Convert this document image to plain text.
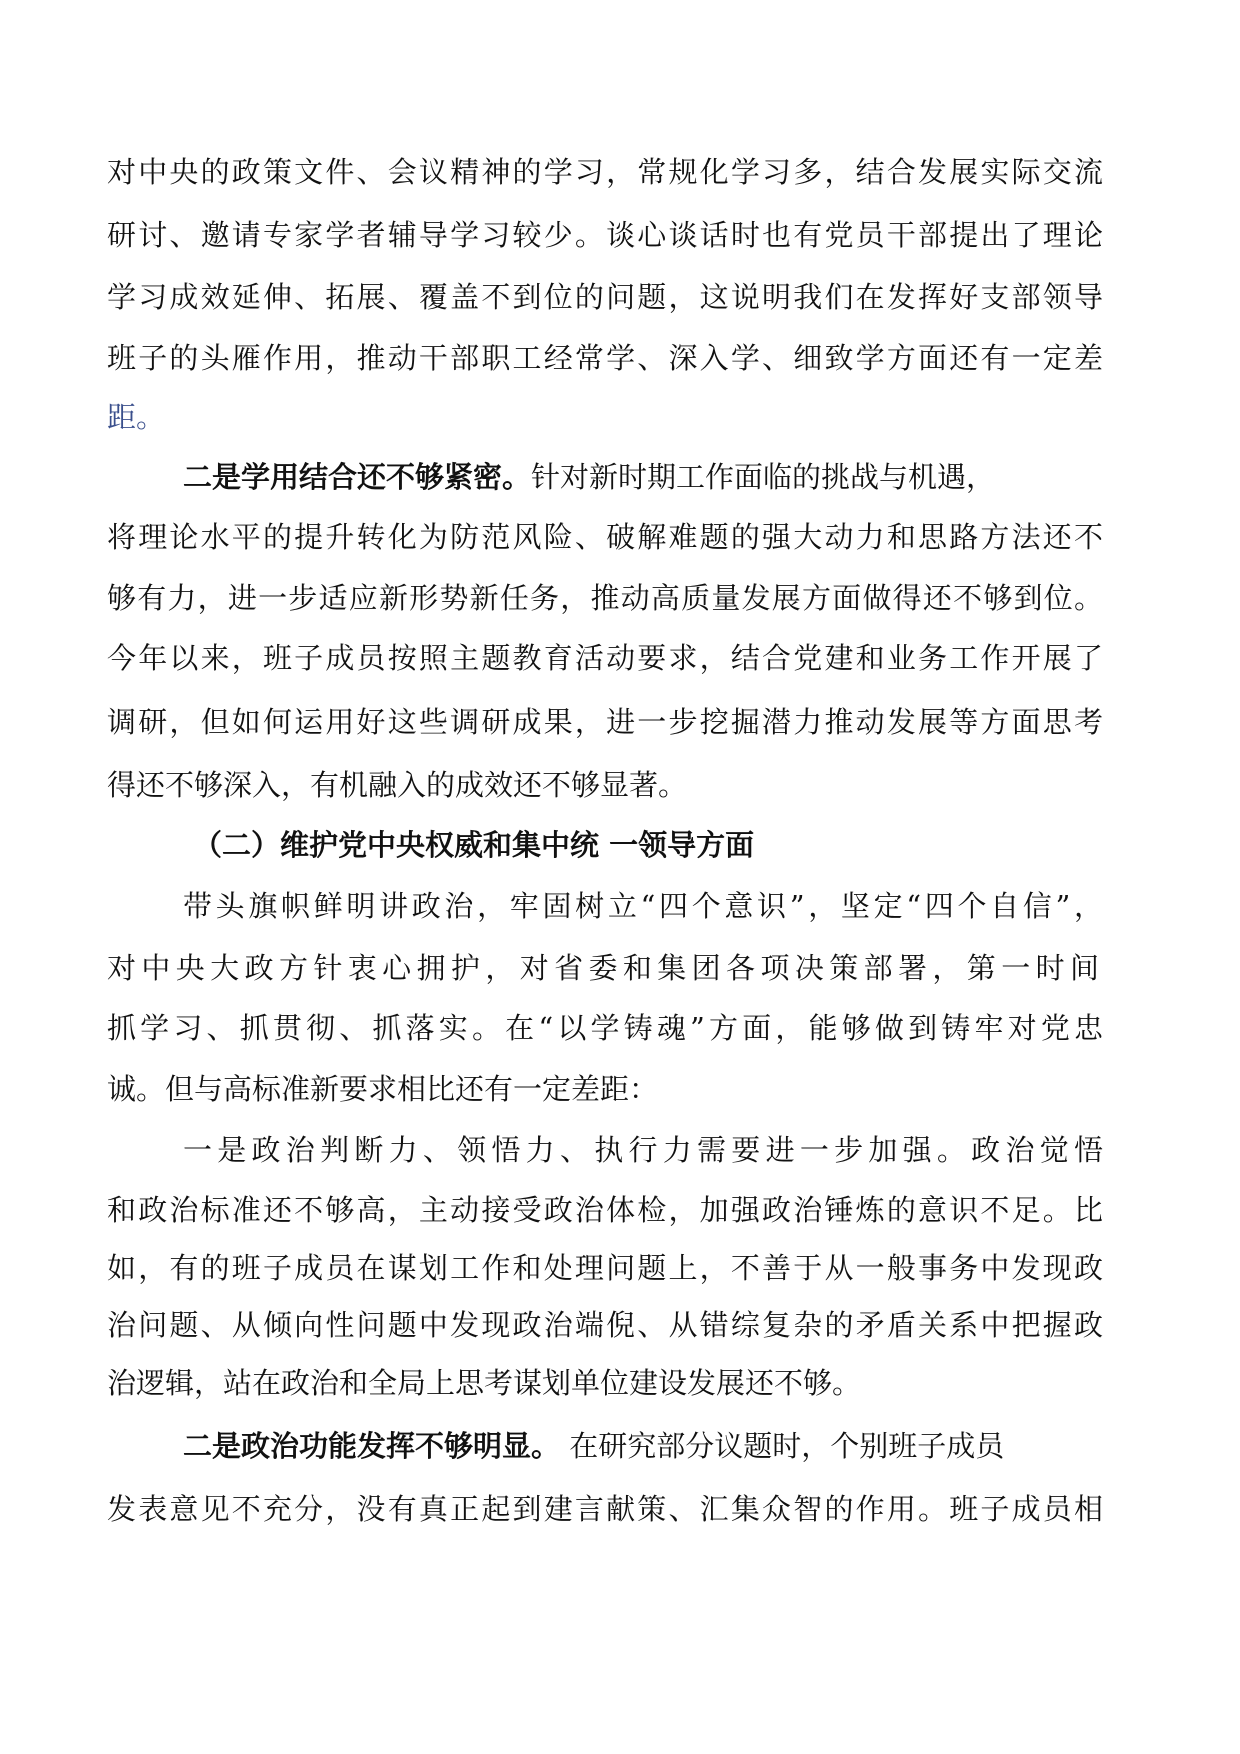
对中央的政策文件、会议精神的学习，常规化学习多，结合发展实际交流
研讨、邀请专家学者辅导学习较少。谈心谈话时也有党员干部提出了理论
学习成效延伸、拓展、覆盖不到位的问题，这说明我们在发挥好支部领导
班子的头雁作用，推动干部职工经常学、深入学、细致学方面还有一定差
距。
二是学用结合还不够紧密。针对新时期工作面临的挑战与机遇，
将理论水平的提升转化为防范风险、破解难题的强大动力和思路方法还不
够有力，进一步适应新形势新任务，推动高质量发展方面做得还不够到位。
今年以来，班子成员按照主题教育活动要求，结合党建和业务工作开展了
调研，但如何运用好这些调研成果，进一步挖掘潜力推动发展等方面思考
得还不够深入，有机融入的成效还不够显著。
（二）维护党中央权威和集中统 一领导方面
带头旗帜鲜明讲政治，牢固树立“四个意识”，坚定“四个自信”，
对中央大政方针衷心拥护，对省委和集团各项决策部署，第一时间
抓学习、抓贯彻、抓落实。在“以学铸魂”方面，能够做到铸牢对党忠
诚。但与高标准新要求相比还有一定差距：
一是政治判断力、领悟力、执行力需要进一步加强。政治觉悟
和政治标准还不够高，主动接受政治体检，加强政治锤炼的意识不足。比
如，有的班子成员在谋划工作和处理问题上，不善于从一般事务中发现政
治问题、从倾向性问题中发现政治端倪、从错综复杂的矛盾关系中把握政
治逻辑，站在政治和全局上思考谋划单位建设发展还不够。
二是政治功能发挥不够明显。 在研究部分议题时，个别班子成员
发表意见不充分，没有真正起到建言献策、汇集众智的作用。班子成员相
